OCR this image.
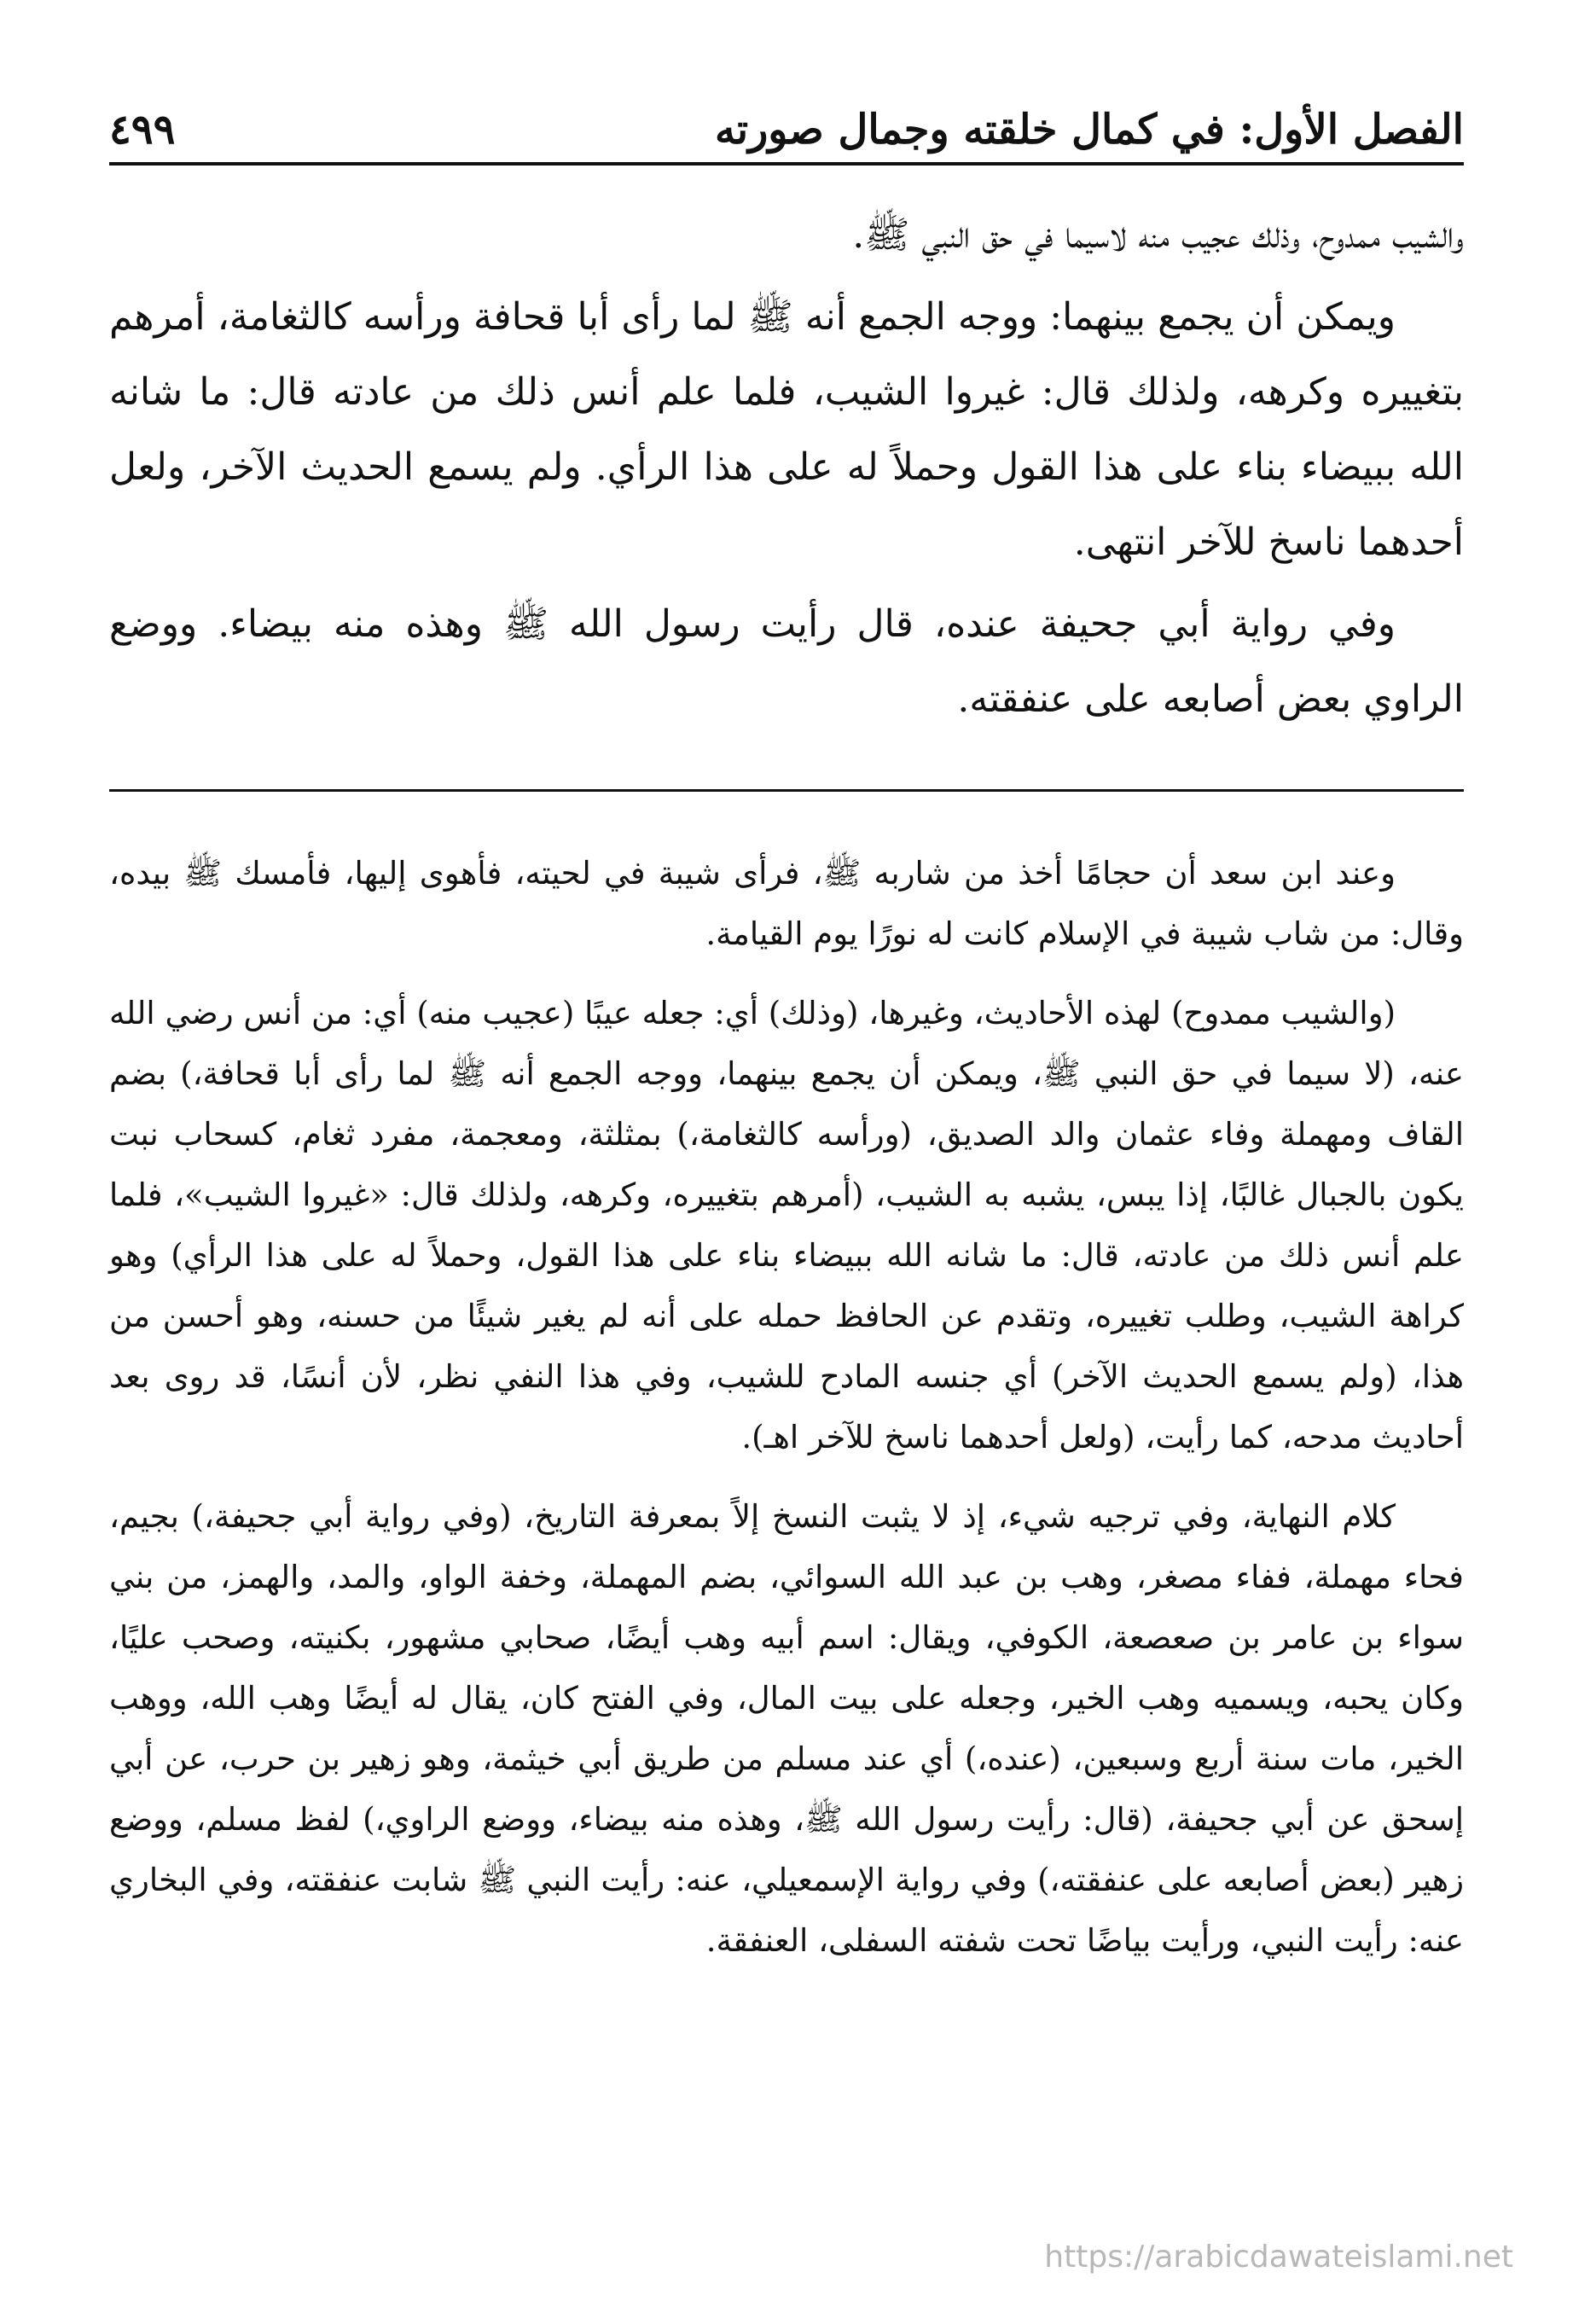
٤٩٩	الفصل الأول: في كمال خلقته وجمال صورته

والشيب ممدوح، وذلك عجيب منه لاسيما في حق النبي ﷺ.

ويمكن أن يجمع بينهما: ووجه الجمع أنه ﷺ لما رأى أبا قحافة ورأسه كالثغامة، أمرهم بتغييره وكرهه، ولذلك قال: غيروا الشيب، فلما علم أنس ذلك من عادته قال: ما شانه الله ببيضاء بناء على هذا القول وحملاً له على هذا الرأي. ولم يسمع الحديث الآخر، ولعل أحدهما ناسخ للآخر انتهى.

وفي رواية أبي جحيفة عنده، قال رأيت رسول الله ﷺ وهذه منه بيضاء. ووضع الراوي بعض أصابعه على عنفقته.

وعند ابن سعد أن حجامًا أخذ من شاربه ﷺ، فرأى شيبة في لحيته، فأهوى إليها، فأمسك ﷺ بيده، وقال: من شاب شيبة في الإسلام كانت له نورًا يوم القيامة.

(والشيب ممدوح) لهذه الأحاديث، وغيرها، (وذلك) أي: جعله عيبًا (عجيب منه) أي: من أنس رضي الله عنه، (لا سيما في حق النبي ﷺ، ويمكن أن يجمع بينهما، ووجه الجمع أنه ﷺ لما رأى أبا قحافة،) بضم القاف ومهملة وفاء عثمان والد الصديق، (ورأسه كالثغامة،) بمثلثة، ومعجمة، مفرد ثغام، كسحاب نبت يكون بالجبال غالبًا، إذا يبس، يشبه به الشيب، (أمرهم بتغييره، وكرهه، ولذلك قال: «غيروا الشيب»، فلما علم أنس ذلك من عادته، قال: ما شانه الله ببيضاء بناء على هذا القول، وحملاً له على هذا الرأي) وهو كراهة الشيب، وطلب تغييره، وتقدم عن الحافظ حمله على أنه لم يغير شيئًا من حسنه، وهو أحسن من هذا، (ولم يسمع الحديث الآخر) أي جنسه المادح للشيب، وفي هذا النفي نظر، لأن أنسًا، قد روى بعد أحاديث مدحه، كما رأيت، (ولعل أحدهما ناسخ للآخر اهـ).

كلام النهاية، وفي ترجيه شيء، إذ لا يثبت النسخ إلاً بمعرفة التاريخ، (وفي رواية أبي جحيفة،) بجيم، فحاء مهملة، ففاء مصغر، وهب بن عبد الله السوائي، بضم المهملة، وخفة الواو، والمد، والهمز، من بني سواء بن عامر بن صعصعة، الكوفي، ويقال: اسم أبيه وهب أيضًا، صحابي مشهور، بكنيته، وصحب عليًا، وكان يحبه، ويسميه وهب الخير، وجعله على بيت المال، وفي الفتح كان، يقال له أيضًا وهب الله، ووهب الخير، مات سنة أربع وسبعين، (عنده،) أي عند مسلم من طريق أبي خيثمة، وهو زهير بن حرب، عن أبي إسحق عن أبي جحيفة، (قال: رأيت رسول الله ﷺ، وهذه منه بيضاء، ووضع الراوي،) لفظ مسلم، ووضع زهير (بعض أصابعه على عنفقته،) وفي رواية الإسمعيلي، عنه: رأيت النبي ﷺ شابت عنفقته، وفي البخاري عنه: رأيت النبي، ورأيت بياضًا تحت شفته السفلى، العنفقة.

https://arabicdawateislami.net
